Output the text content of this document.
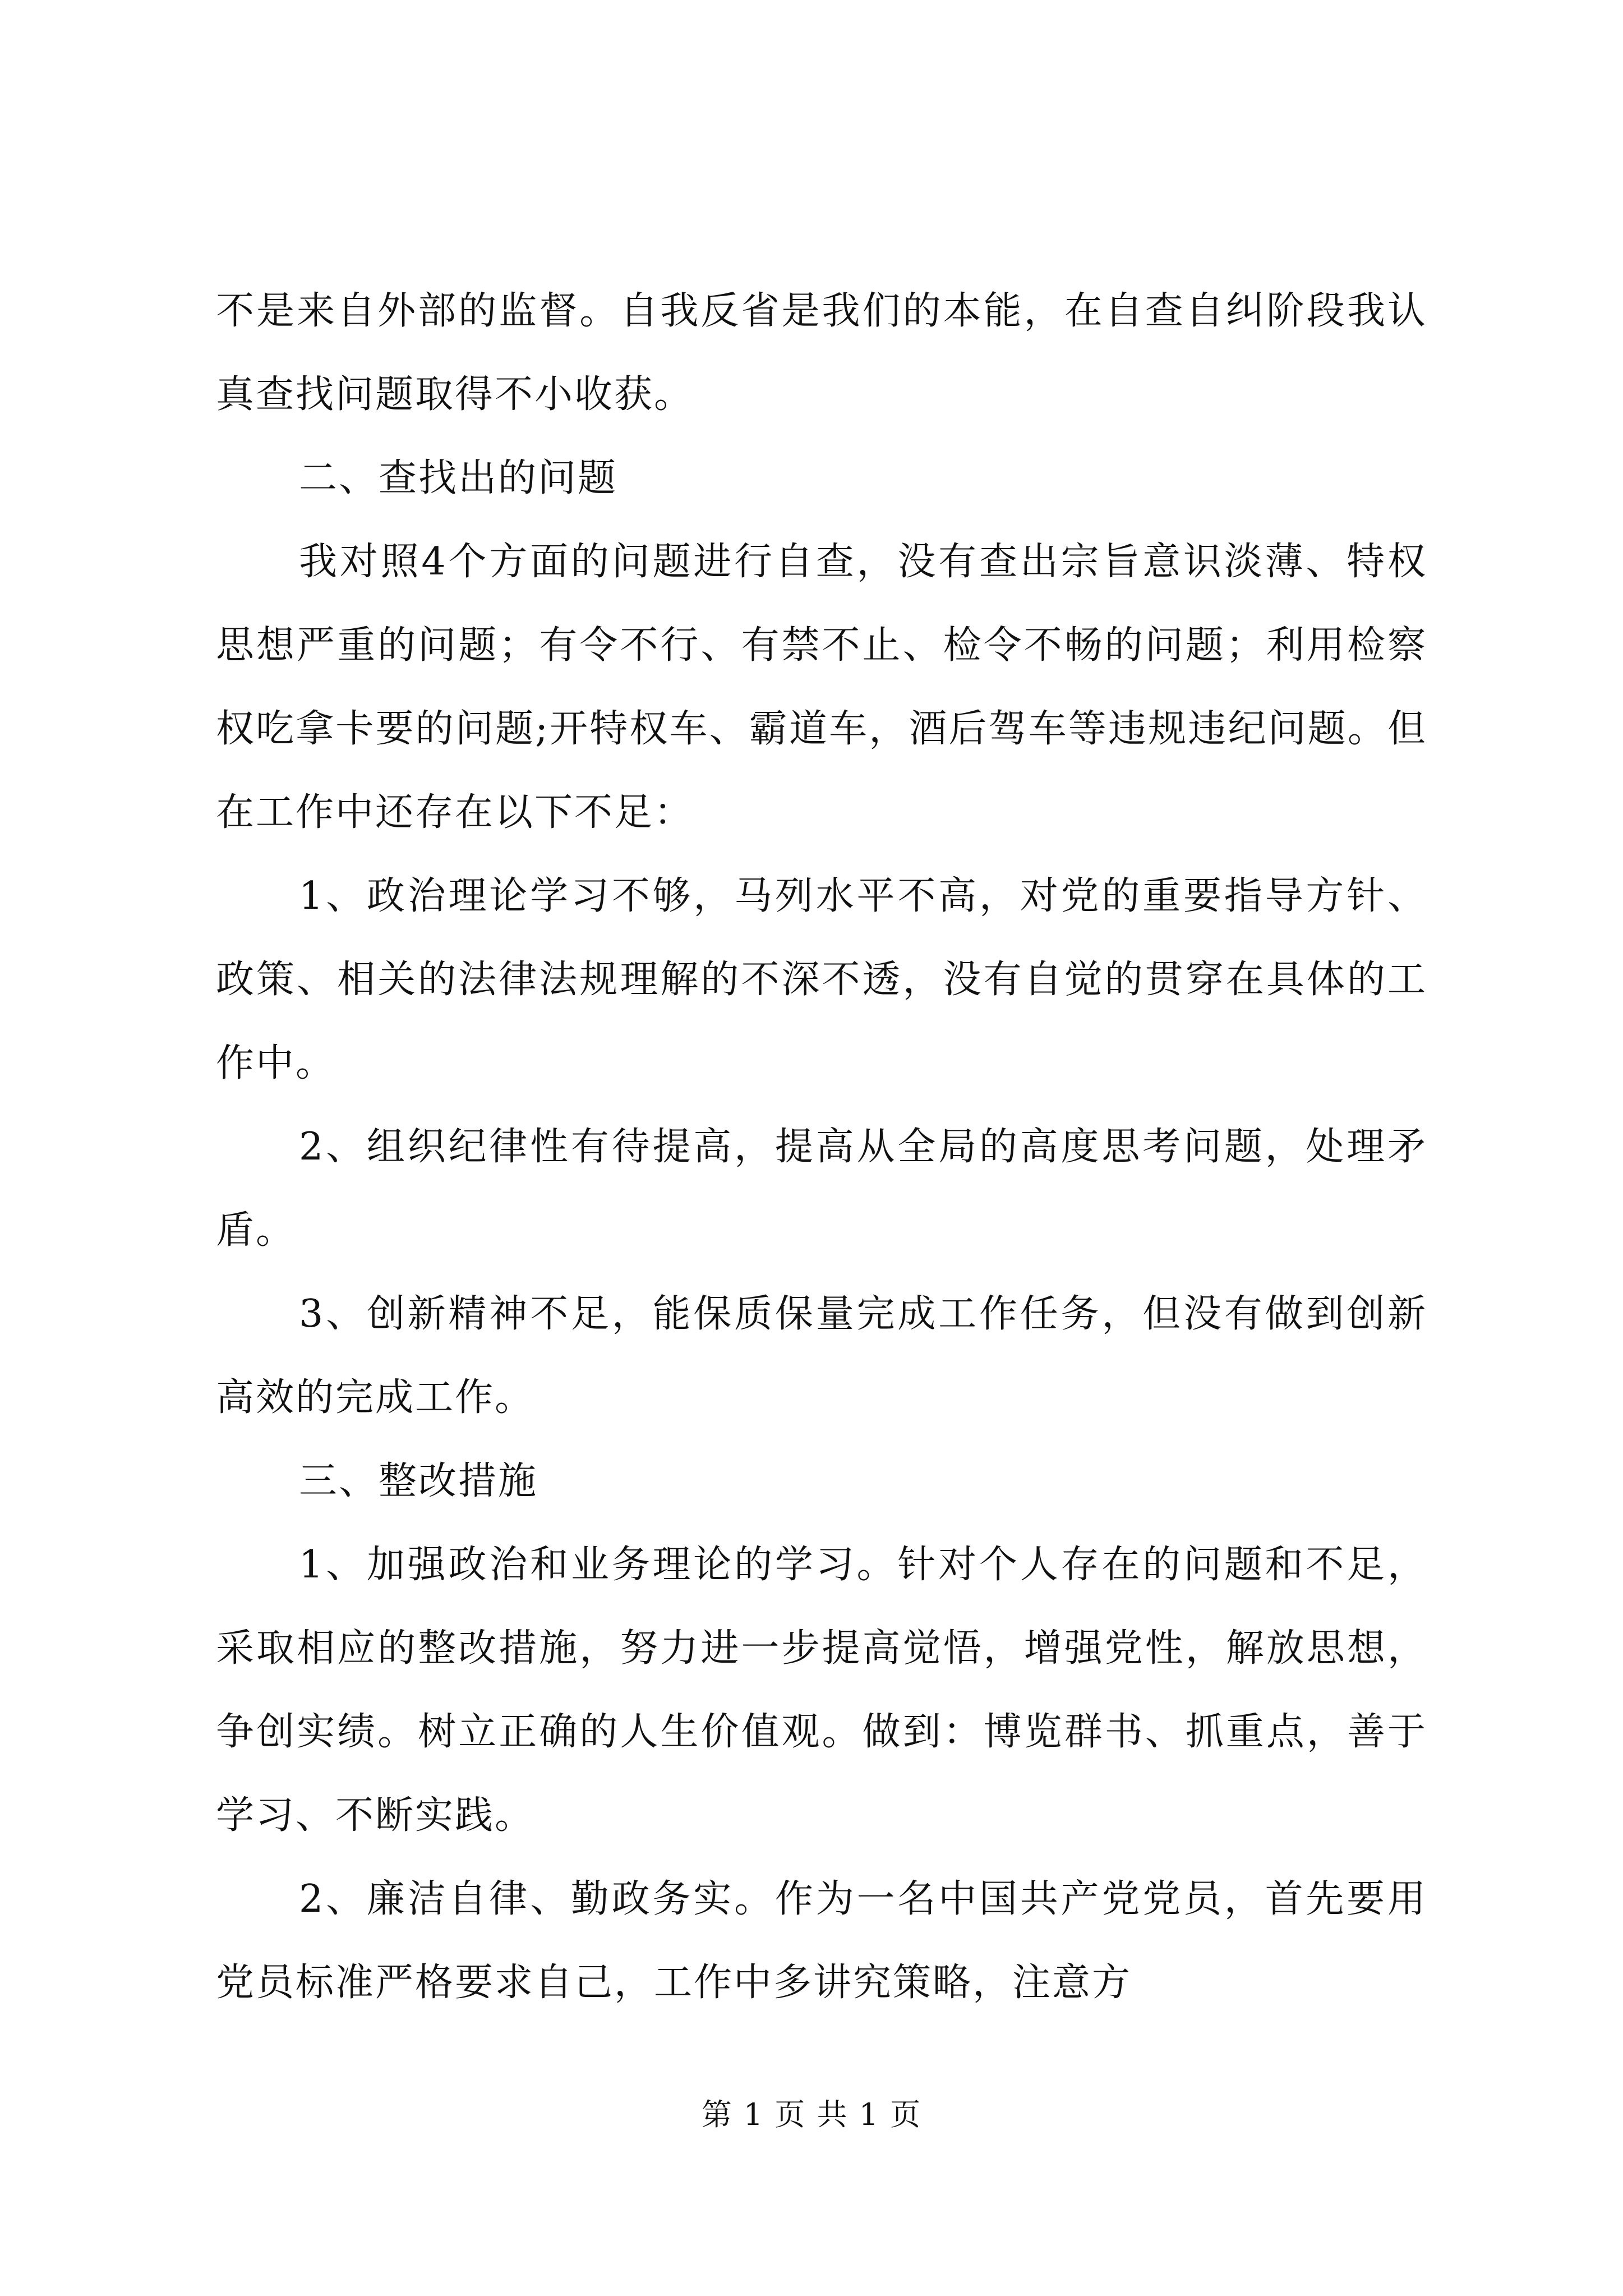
不是来自外部的监督。自我反省是我们的本能，在自查自纠阶段我认真查找问题取得不小收获。

二、查找出的问题

我对照4个方面的问题进行自查，没有查出宗旨意识淡薄、特权思想严重的问题；有令不行、有禁不止、检令不畅的问题；利用检察权吃拿卡要的问题;开特权车、霸道车，酒后驾车等违规违纪问题。但在工作中还存在以下不足：

1、政治理论学习不够，马列水平不高，对党的重要指导方针、政策、相关的法律法规理解的不深不透，没有自觉的贯穿在具体的工作中。

2、组织纪律性有待提高，提高从全局的高度思考问题，处理矛盾。

3、创新精神不足，能保质保量完成工作任务，但没有做到创新高效的完成工作。

三、整改措施

1、加强政治和业务理论的学习。针对个人存在的问题和不足，采取相应的整改措施，努力进一步提高觉悟，增强党性，解放思想，争创实绩。树立正确的人生价值观。做到：博览群书、抓重点，善于学习、不断实践。

2、廉洁自律、勤政务实。作为一名中国共产党党员，首先要用党员标准严格要求自己，工作中多讲究策略，注意方

第 1 页 共 1 页
